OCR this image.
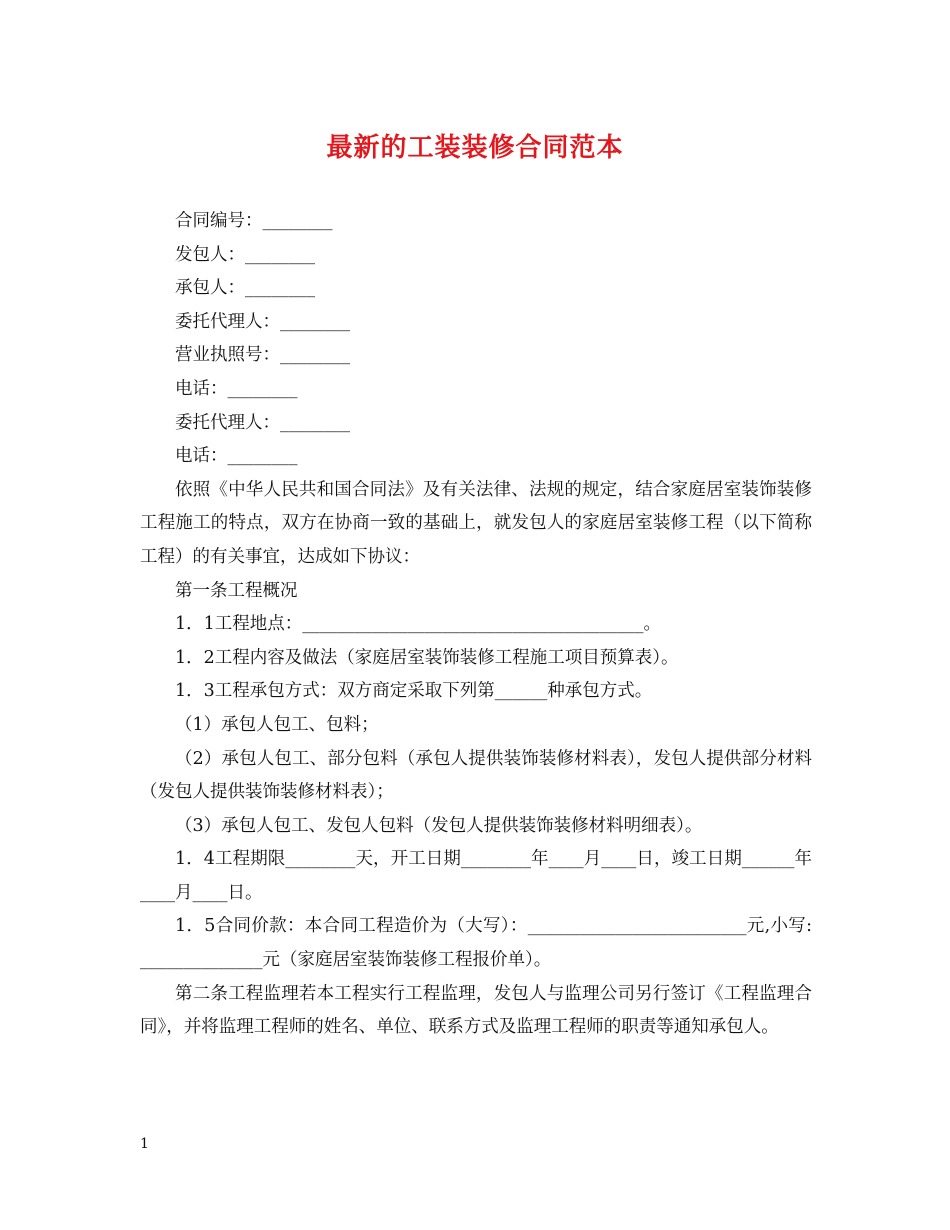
最新的工装装修合同范本

合同编号：________

发包人：________

承包人：________

委托代理人：________

营业执照号：________

电话：________

委托代理人：________

电话：________

依照《中华人民共和国合同法》及有关法律、法规的规定，结合家庭居室装饰装修工程施工的特点，双方在协商一致的基础上，就发包人的家庭居室装修工程（以下简称工程）的有关事宜，达成如下协议：

第一条工程概况

1．1工程地点：_______________________________________。

1．2工程内容及做法（家庭居室装饰装修工程施工项目预算表）。

1．3工程承包方式：双方商定采取下列第______种承包方式。

（1）承包人包工、包料；

（2）承包人包工、部分包料（承包人提供装饰装修材料表），发包人提供部分材料（发包人提供装饰装修材料表）；

（3）承包人包工、发包人包料（发包人提供装饰装修材料明细表）。

1．4工程期限________天，开工日期________年____月____日，竣工日期______年____月____日。

1．5合同价款：本合同工程造价为（大写）：_________________________元,小写:______________元（家庭居室装饰装修工程报价单）。

第二条工程监理若本工程实行工程监理，发包人与监理公司另行签订《工程监理合同》，并将监理工程师的姓名、单位、联系方式及监理工程师的职责等通知承包人。

1
